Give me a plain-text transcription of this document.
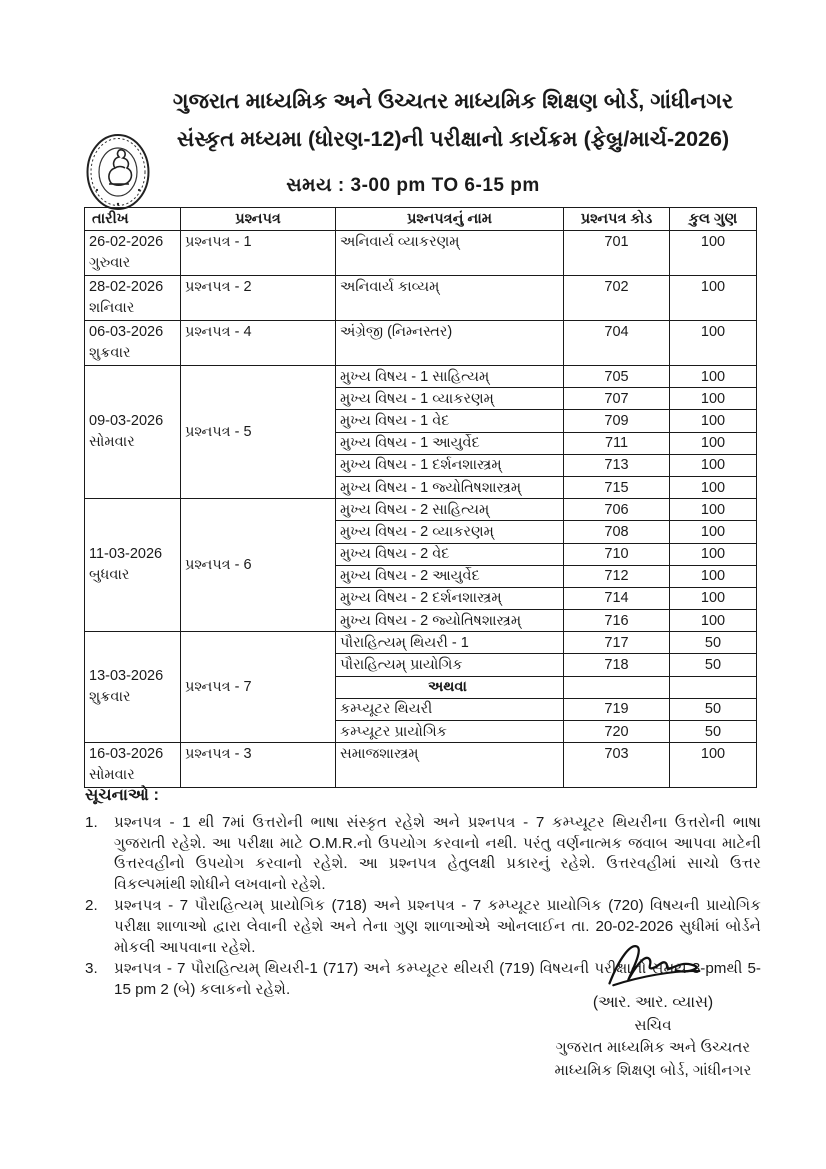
ગુજરાત માધ્યમિક અને ઉચ્ચતર માધ્યમિક શિક્ષણ બોર્ડ, ગાંધીનગર
સંસ્કૃત મધ્યમા (ધોરણ-12)ની પરીક્ષાનો કાર્યક્રમ (ફેબ્રુ/માર્ચ-2026)
સમય : 3-00 pm TO 6-15 pm
તારીખ	પ્રશ્નપત્ર	પ્રશ્નપત્રનું નામ	પ્રશ્નપત્ર કોડ	કુલ ગુણ

26-02-2026
ગુરુવાર	પ્રશ્નપત્ર - 1	અનિવાર્ય વ્યાકરણમ્	701	100

28-02-2026
શનિવાર	પ્રશ્નપત્ર - 2	અનિવાર્ય કાવ્યમ્	702	100

06-03-2026
શુક્રવાર	પ્રશ્નપત્ર - 4	અંગ્રેજી (નિમ્નસ્તર)	704	100

09-03-2026
સોમવાર	પ્રશ્નપત્ર - 5	મુખ્ય વિષય - 1 સાહિત્યમ્	705	100
		મુખ્ય વિષય - 1 વ્યાકરણમ્	707	100
		મુખ્ય વિષય - 1 વેદ	709	100
		મુખ્ય વિષય - 1 આયુર્વેદ	711	100
		મુખ્ય વિષય - 1 દર્શનશાસ્ત્રમ્	713	100
		મુખ્ય વિષય - 1 જ્યોતિષશાસ્ત્રમ્	715	100

11-03-2026
બુધવાર	પ્રશ્નપત્ર - 6	મુખ્ય વિષય - 2 સાહિત્યમ્	706	100
		મુખ્ય વિષય - 2 વ્યાકરણમ્	708	100
		મુખ્ય વિષય - 2 વેદ	710	100
		મુખ્ય વિષય - 2 આયુર્વેદ	712	100
		મુખ્ય વિષય - 2 દર્શનશાસ્ત્રમ્	714	100
		મુખ્ય વિષય - 2 જ્યોતિષશાસ્ત્રમ્	716	100

13-03-2026
શુક્રવાર	પ્રશ્નપત્ર - 7	પૌરાહિત્યમ્ થિયરી - 1	717	50
		પૌરાહિત્યમ્ પ્રાયોગિક	718	50
		અથવા		
		કમ્પ્યૂટર થિયરી	719	50
		કમ્પ્યૂટર પ્રાયોગિક	720	50

16-03-2026
સોમવાર	પ્રશ્નપત્ર - 3	સમાજશાસ્ત્રમ્	703	100
સૂચનાઓ :
1.	પ્રશ્નપત્ર - 1 થી 7માં ઉત્તરોની ભાષા સંસ્કૃત રહેશે અને પ્રશ્નપત્ર - 7 કમ્પ્યૂટર થિયરીના ઉત્તરોની ભાષા ગુજરાતી રહેશે. આ પરીક્ષા માટે O.M.R.નો ઉપયોગ કરવાનો નથી. પરંતુ વર્ણનાત્મક જવાબ આપવા માટેની ઉત્તરવહીનો ઉપયોગ કરવાનો રહેશે. આ પ્રશ્નપત્ર હેતુલક્ષી પ્રકારનું રહેશે. ઉત્તરવહીમાં સાચો ઉત્તર વિકલ્પમાંથી શોધીને લખવાનો રહેશે.
2.	પ્રશ્નપત્ર - 7 પૌરાહિત્યમ્ પ્રાયોગિક (718) અને પ્રશ્નપત્ર - 7 કમ્પ્યૂટર પ્રાયોગિક (720) વિષયની પ્રાયોગિક પરીક્ષા શાળાઓ દ્વારા લેવાની રહેશે અને તેના ગુણ શાળાઓએ ઓનલાઈન તા. 20-02-2026 સુધીમાં બોર્ડને મોકલી આપવાના રહેશે.
3.	પ્રશ્નપત્ર - 7 પૌરાહિત્યમ્ થિયરી-1 (717) અને કમ્પ્યૂટર થીયરી (719) વિષયની પરીક્ષાનો સમય 3-pmથી 5-15 pm 2 (બે) કલાકનો રહેશે.
(આર. આર. વ્યાસ)
સચિવ
ગુજરાત માધ્યમિક અને ઉચ્ચતર
માધ્યમિક શિક્ષણ બોર્ડ, ગાંધીનગર
